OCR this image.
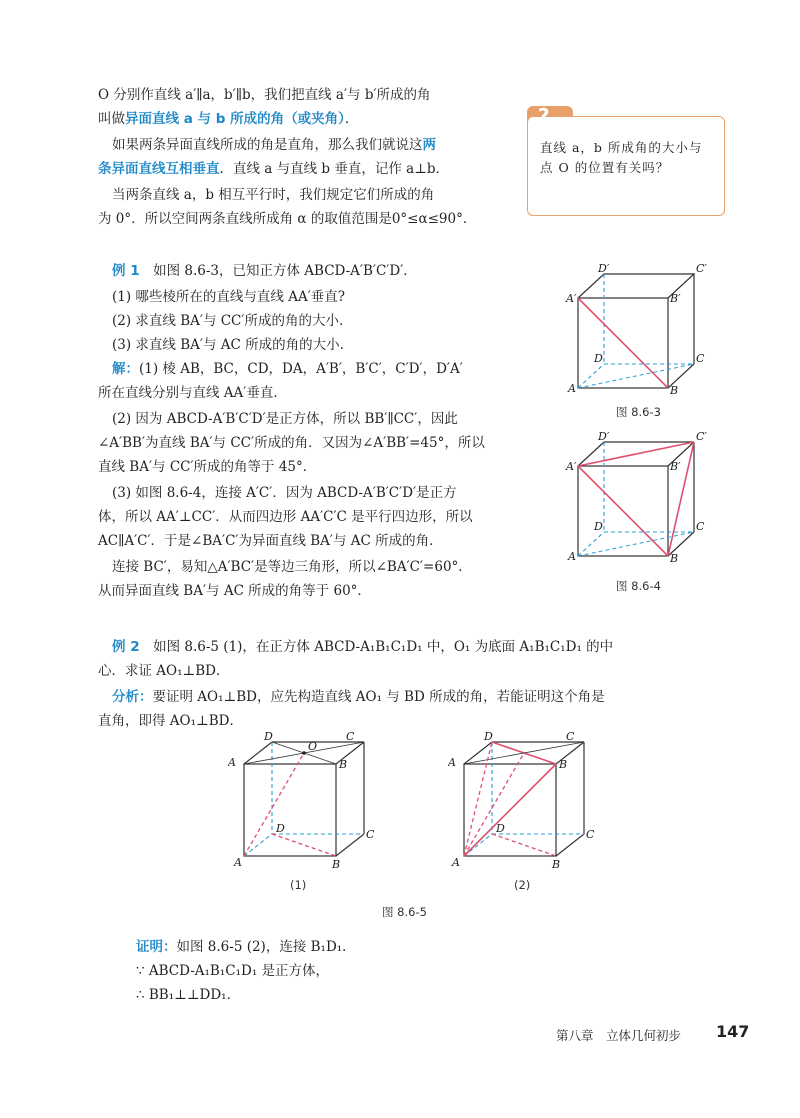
O 分别作直线 a′∥a，b′∥b，我们把直线 a′与 b′所成的角
叫做异面直线 a 与 b 所成的角（或夹角）．
如果两条异面直线所成的角是直角，那么我们就说这两
条异面直线互相垂直．直线 a 与直线 b 垂直，记作 a⊥b．
当两条直线 a，b 相互平行时，我们规定它们所成的角
为 0°．所以空间两条直线所成角 α 的取值范围是0°≤α≤90°．
?
直线 a，b 所成角的大小与点 O 的位置有关吗？
例 1　 如图 8.6-3，已知正方体 ABCD-A′B′C′D′．
(1) 哪些棱所在的直线与直线 AA′垂直?
(2) 求直线 BA′与 CC′所成的角的大小.
(3) 求直线 BA′与 AC 所成的角的大小.
解：(1) 棱 AB，BC，CD，DA，A′B′，B′C′，C′D′，D′A′
所在直线分别与直线 AA′垂直．
(2) 因为 ABCD-A′B′C′D′是正方体，所以 BB′∥CC′，因此
∠A′BB′为直线 BA′与 CC′所成的角．又因为∠A′BB′=45°，所以
直线 BA′与 CC′所成的角等于 45°．
(3) 如图 8.6-4，连接 A′C′．因为 ABCD-A′B′C′D′是正方
体，所以 AA′⊥CC′．从而四边形 AA′C′C 是平行四边形，所以
AC∥A′C′．于是∠BA′C′为异面直线 BA′与 AC 所成的角．
连接 BC′，易知△A′BC′是等边三角形，所以∠BA′C′=60°．
从而异面直线 BA′与 AC 所成的角等于 60°．
D′	C′
A′	B′
D	C
A	B
图 8.6-3
D′	C′
A′	B′
D	C
A	B
图 8.6-4
例 2　 如图 8.6-5 (1)，在正方体 ABCD-A₁B₁C₁D₁ 中，O₁ 为底面 A₁B₁C₁D₁ 的中
心．求证 AO₁⊥BD．
分析：要证明 AO₁⊥BD，应先构造直线 AO₁ 与 BD 所成的角，若能证明这个角是
直角，即得 AO₁⊥BD．
D
O
C
A	B
D	C
A	B
D	C
A	B
D	C
A	B
(1)	(2)
图 8.6-5
证明：如图 8.6-5 (2)，连接 B₁D₁．
∵ ABCD-A₁B₁C₁D₁ 是正方体，
∴ BB₁⊥⊥DD₁．
第八章　立体几何初步 147
